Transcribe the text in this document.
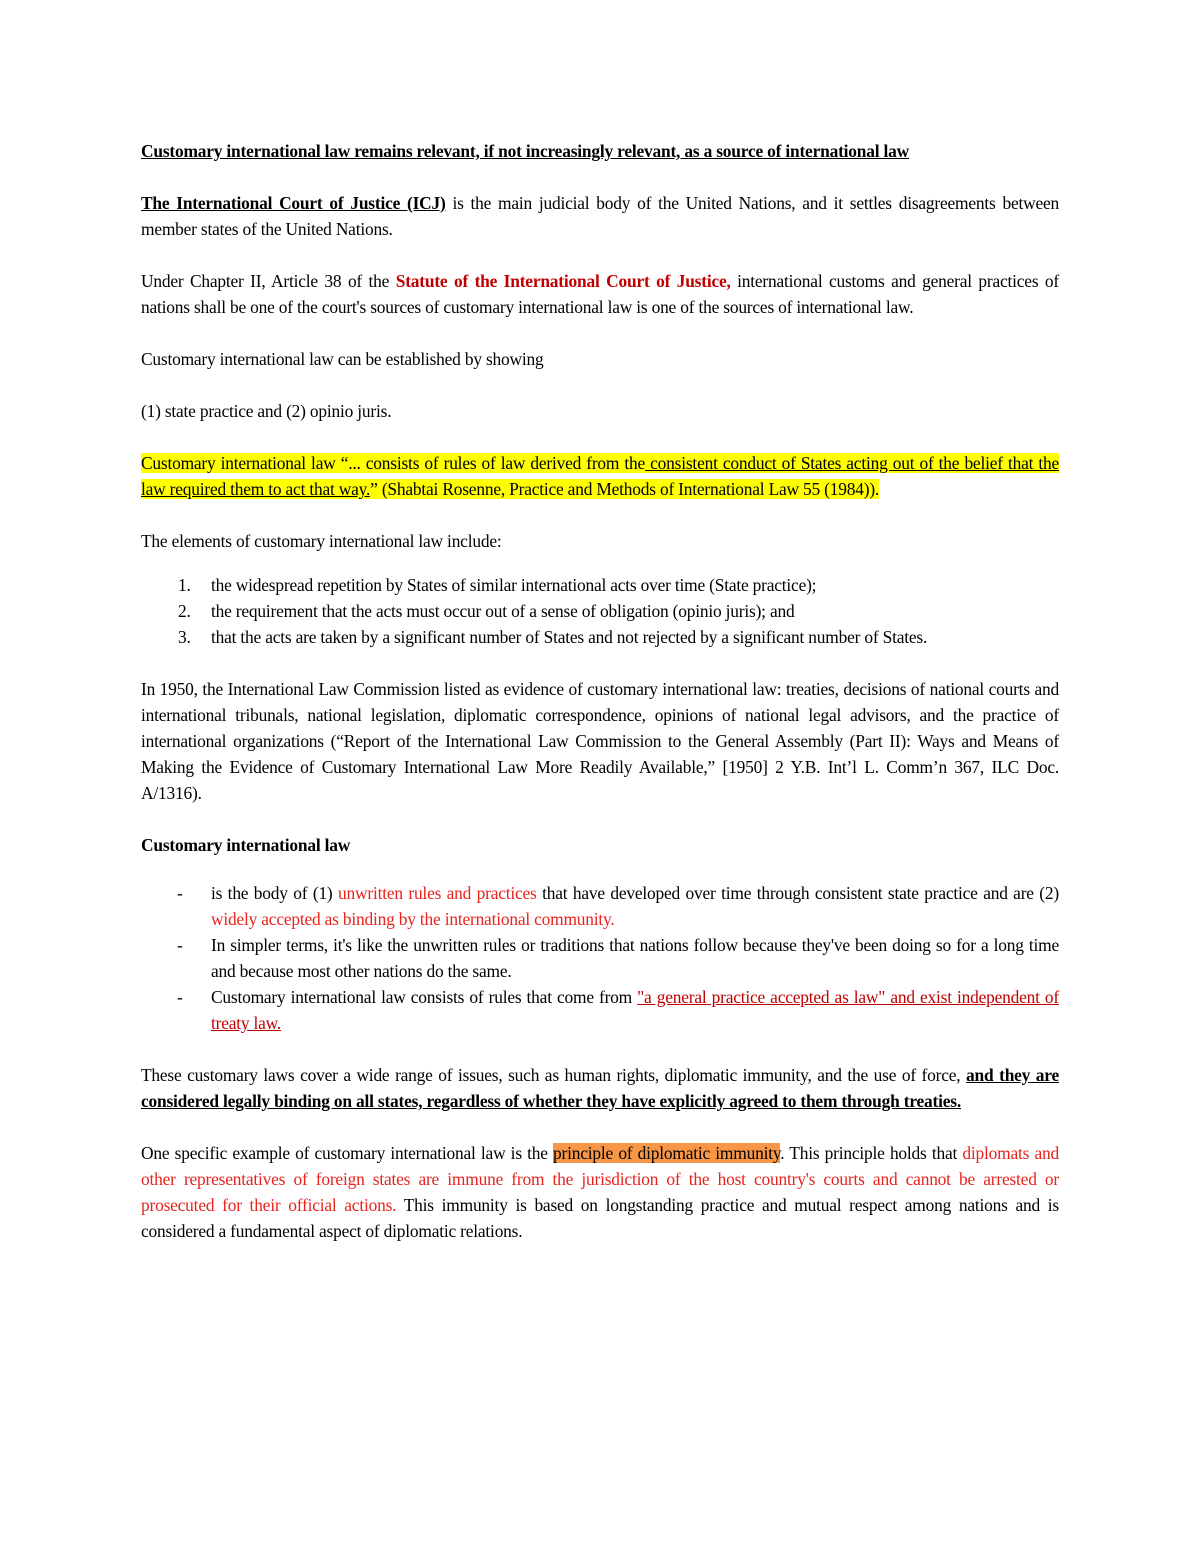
Customary international law remains relevant, if not increasingly relevant, as a source of international law

The International Court of Justice (ICJ) is the main judicial body of the United Nations, and it settles disagreements between member states of the United Nations.

Under Chapter II, Article 38 of the Statute of the International Court of Justice, international customs and general practices of nations shall be one of the court's sources of customary international law is one of the sources of international law.

Customary international law can be established by showing

(1) state practice and (2) opinio juris.

Customary international law “... consists of rules of law derived from the consistent conduct of States acting out of the belief that the law required them to act that way.” (Shabtai Rosenne, Practice and Methods of International Law 55 (1984)).

The elements of customary international law include:

1. the widespread repetition by States of similar international acts over time (State practice);
2. the requirement that the acts must occur out of a sense of obligation (opinio juris); and
3. that the acts are taken by a significant number of States and not rejected by a significant number of States.

In 1950, the International Law Commission listed as evidence of customary international law: treaties, decisions of national courts and international tribunals, national legislation, diplomatic correspondence, opinions of national legal advisors, and the practice of international organizations (“Report of the International Law Commission to the General Assembly (Part II): Ways and Means of Making the Evidence of Customary International Law More Readily Available,” [1950] 2 Y.B. Int’l L. Comm’n 367, ILC Doc. A/1316).

Customary international law

- is the body of (1) unwritten rules and practices that have developed over time through consistent state practice and are (2) widely accepted as binding by the international community.
- In simpler terms, it's like the unwritten rules or traditions that nations follow because they've been doing so for a long time and because most other nations do the same.
- Customary international law consists of rules that come from "a general practice accepted as law" and exist independent of treaty law.

These customary laws cover a wide range of issues, such as human rights, diplomatic immunity, and the use of force, and they are considered legally binding on all states, regardless of whether they have explicitly agreed to them through treaties.

One specific example of customary international law is the principle of diplomatic immunity. This principle holds that diplomats and other representatives of foreign states are immune from the jurisdiction of the host country's courts and cannot be arrested or prosecuted for their official actions. This immunity is based on longstanding practice and mutual respect among nations and is considered a fundamental aspect of diplomatic relations.
